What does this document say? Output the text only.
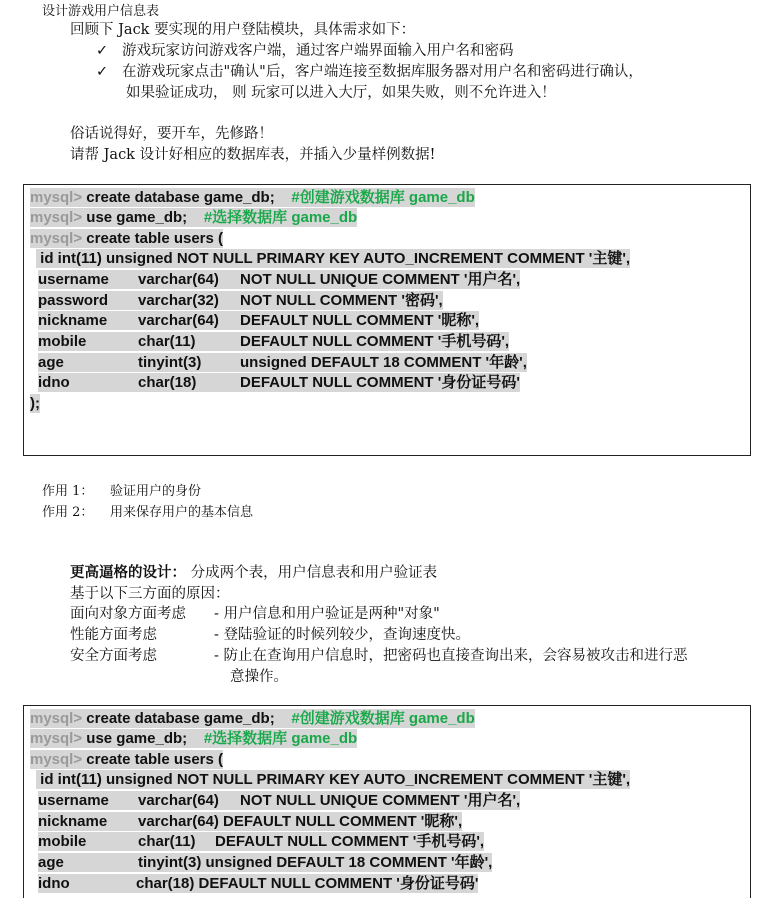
设计游戏用户信息表
回顾下 Jack 要实现的用户登陆模块，具体需求如下：
✓ 游戏玩家访问游戏客户端，通过客户端界面输入用户名和密码
✓ 在游戏玩家点击"确认"后，客户端连接至数据库服务器对用户名和密码进行确认，
如果验证成功， 则 玩家可以进入大厅，如果失败，则不允许进入！
俗话说得好，要开车，先修路！
请帮 Jack 设计好相应的数据库表，并插入少量样例数据!
mysql> create database game_db;    #创建游戏数据库 game_db
mysql> use game_db;    #选择数据库 game_db
mysql> create table users (
id int(11) unsigned NOT NULL PRIMARY KEY AUTO_INCREMENT COMMENT '主键',
username varchar(64) NOT NULL UNIQUE COMMENT '用户名',
password varchar(32) NOT NULL COMMENT '密码',
nickname varchar(64) DEFAULT NULL COMMENT '昵称',
mobile	char(11)	DEFAULT NULL COMMENT '手机号码',
age	tinyint(3)	unsigned DEFAULT 18 COMMENT '年龄',
idno	char(18)	DEFAULT NULL COMMENT '身份证号码'
);
作用 1： 验证用户的身份
作用 2： 用来保存用户的基本信息
更高逼格的设计： 分成两个表，用户信息表和用户验证表
基于以下三方面的原因：
面向对象方面考虑 - 用户信息和用户验证是两种"对象"
性能方面考虑	- 登陆验证的时候列较少，查询速度快。
安全方面考虑	- 防止在查询用户信息时，把密码也直接查询出来，会容易被攻击和进行恶
意操作。
mysql> create database game_db;    #创建游戏数据库 game_db
mysql> use game_db;    #选择数据库 game_db
mysql> create table users (
id int(11) unsigned NOT NULL PRIMARY KEY AUTO_INCREMENT COMMENT '主键',
username varchar(64) NOT NULL UNIQUE COMMENT '用户名',
nickname varchar(64) DEFAULT NULL COMMENT '昵称',
mobile	char(11) DEFAULT NULL COMMENT '手机号码',
age	tinyint(3) unsigned DEFAULT 18 COMMENT '年龄',
idno	char(18) DEFAULT NULL COMMENT '身份证号码'
